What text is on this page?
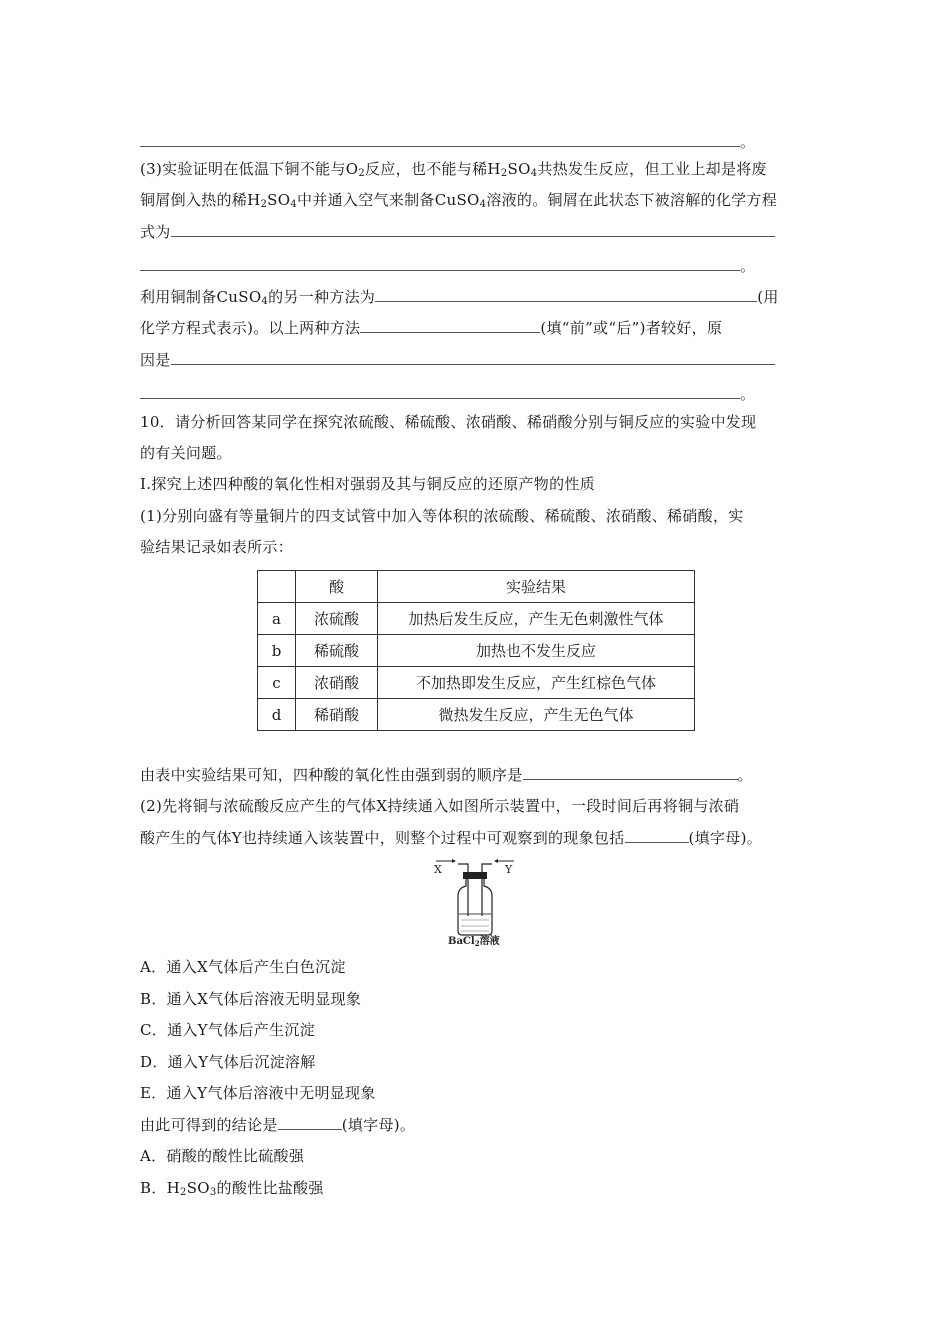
。
(3)实验证明在低温下铜不能与$O_2$反应，也不能与稀$H_2SO_4$共热发生反应，但工业上却是将废
铜屑倒入热的稀$H_2SO_4$中并通入空气来制备CuSO$_4$溶液的。铜屑在此状态下被溶解的化学方程
式为
。
利用铜制备CuSO$_4$的另一种方法为	(用
化学方程式表示)。以上两种方法	(填“前”或“后”)者较好，原
因是
。
10．请分析回答某同学在探究浓硫酸、稀硫酸、浓硝酸、稀硝酸分别与铜反应的实验中发现
的有关问题。
Ⅰ.探究上述四种酸的氧化性相对强弱及其与铜反应的还原产物的性质
(1)分别向盛有等量铜片的四支试管中加入等体积的浓硫酸、稀硫酸、浓硝酸、稀硝酸，实
验结果记录如表所示：
	酸	实验结果
a	浓硫酸	加热后发生反应，产生无色刺激性气体
b	稀硫酸	加热也不发生反应
c	浓硝酸	不加热即发生反应，产生红棕色气体
d	稀硝酸	微热发生反应，产生无色气体
由表中实验结果可知，四种酸的氧化性由强到弱的顺序是	。
(2)先将铜与浓硫酸反应产生的气体X持续通入如图所示装置中，一段时间后再将铜与浓硝
酸产生的气体Y也持续通入该装置中，则整个过程中可观察到的现象包括	(填字母)。
X	Y
BaCl$_2$溶液
A．通入X气体后产生白色沉淀
B．通入X气体后溶液无明显现象
C．通入Y气体后产生沉淀
D．通入Y气体后沉淀溶解
E．通入Y气体后溶液中无明显现象
由此可得到的结论是	(填字母)。
A．硝酸的酸性比硫酸强
B．$H_2SO_3$的酸性比盐酸强
